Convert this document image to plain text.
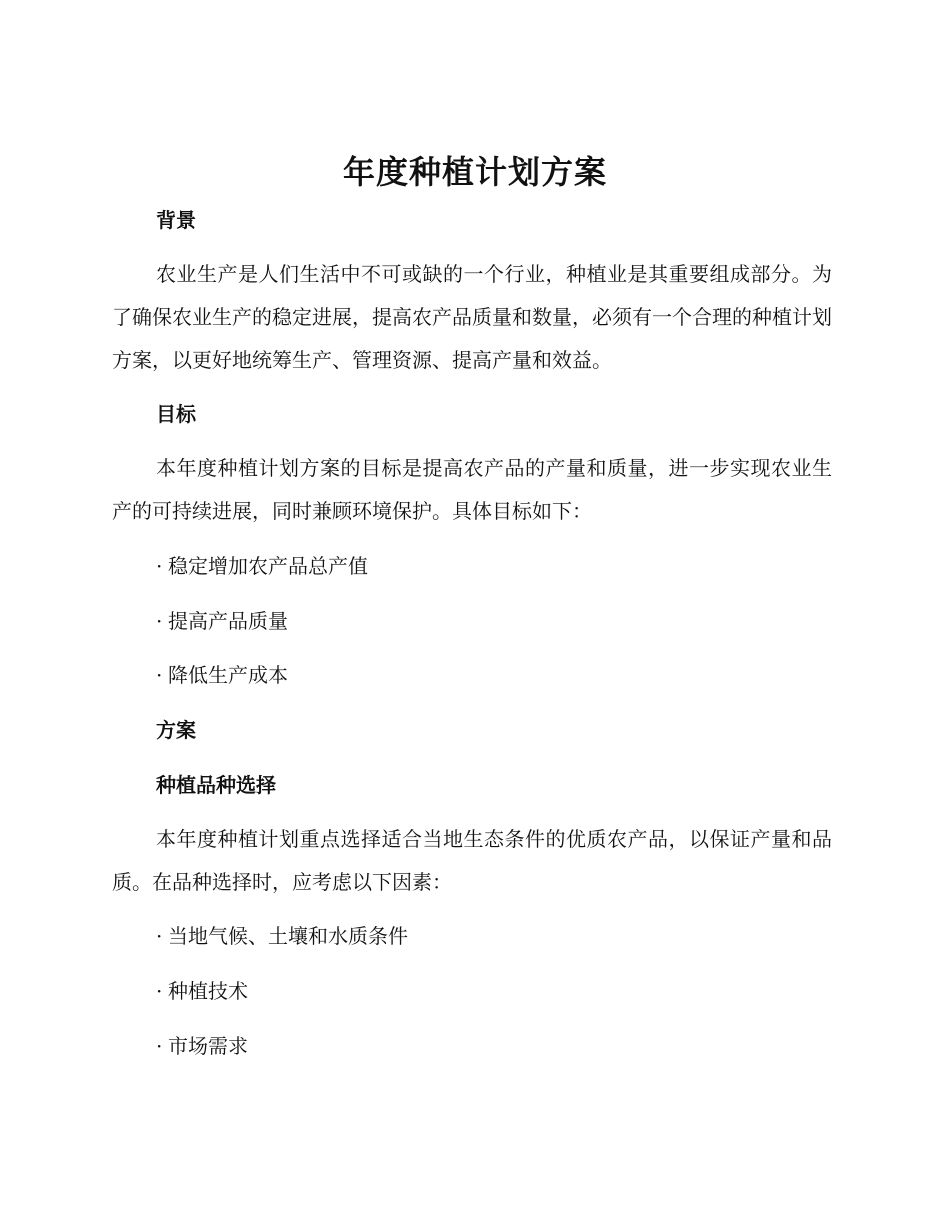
年度种植计划方案
背景

农业生产是人们生活中不可或缺的一个行业，种植业是其重要组成部分。为了确保农业生产的稳定进展，提高农产品质量和数量，必须有一个合理的种植计划方案，以更好地统筹生产、管理资源、提高产量和效益。

目标

本年度种植计划方案的目标是提高农产品的产量和质量，进一步实现农业生产的可持续进展，同时兼顾环境保护。具体目标如下：

· 稳定增加农产品总产值
· 提高产品质量
· 降低生产成本
方案
种植品种选择

本年度种植计划重点选择适合当地生态条件的优质农产品，以保证产量和品质。在品种选择时，应考虑以下因素：

· 当地气候、土壤和水质条件
· 种植技术
· 市场需求
